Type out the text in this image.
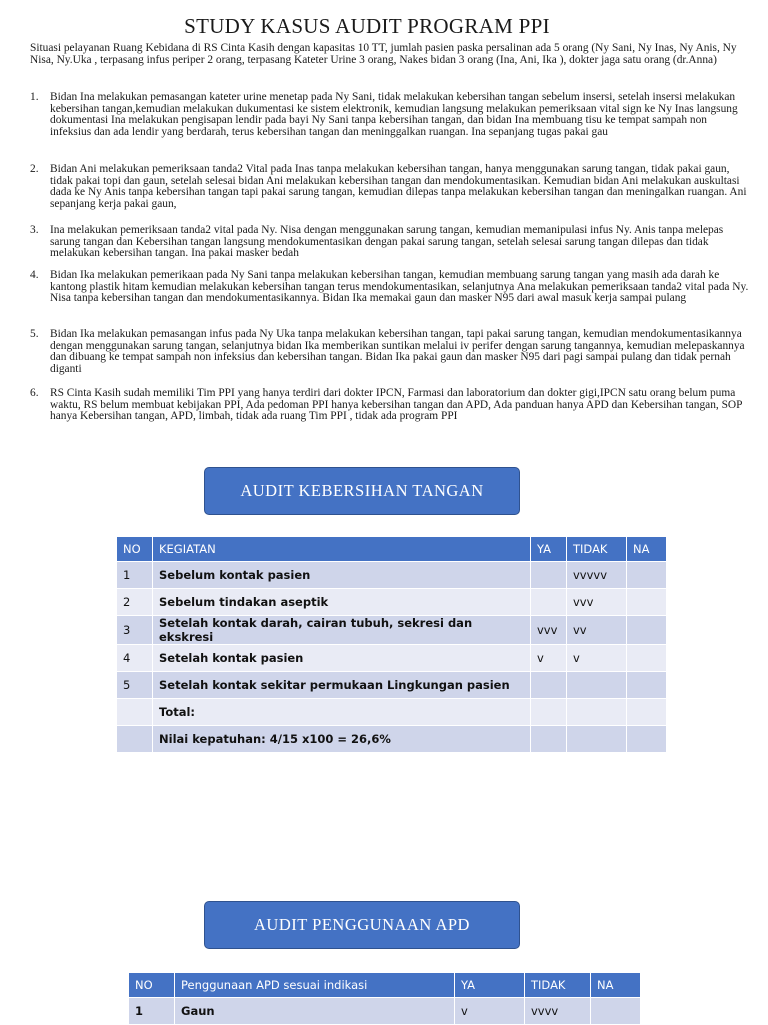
STUDY KASUS AUDIT PROGRAM PPI
Situasi pelayanan Ruang Kebidana di RS Cinta Kasih dengan kapasitas 10 TT, jumlah pasien paska persalinan ada 5 orang (Ny Sani, Ny Inas, Ny Anis, Ny Nisa, Ny.Uka , terpasang infus periper 2 orang, terpasang Kateter Urine 3 orang, Nakes bidan 3 orang (Ina, Ani, Ika ), dokter jaga satu orang (dr.Anna)
1.	Bidan Ina melakukan pemasangan kateter urine menetap pada Ny Sani, tidak melakukan kebersihan tangan sebelum insersi, setelah insersi melakukan kebersihan tangan,kemudian melakukan dukumentasi ke sistem elektronik, kemudian langsung melakukan pemeriksaan vital sign ke Ny Inas langsung dokumentasi Ina melakukan pengisapan lendir pada bayi Ny Sani tanpa kebersihan tangan, dan bidan Ina membuang tisu ke tempat sampah non infeksius dan ada lendir yang berdarah, terus kebersihan tangan dan meninggalkan ruangan. Ina sepanjang tugas pakai gau
2.	Bidan Ani melakukan pemeriksaan tanda2 Vital pada Inas tanpa melakukan kebersihan tangan, hanya menggunakan sarung tangan, tidak pakai gaun, tidak pakai topi dan gaun, setelah selesai bidan Ani melakukan kebersihan tangan dan mendokumentasikan. Kemudian bidan Ani melakukan auskultasi dada ke Ny Anis tanpa kebersihan tangan tapi pakai sarung tangan, kemudian dilepas tanpa melakukan kebersihan tangan dan meningalkan ruangan. Ani sepanjang kerja pakai gaun,
3.	Ina melakukan pemeriksaan tanda2 vital pada Ny. Nisa dengan menggunakan sarung tangan, kemudian memanipulasi infus Ny. Anis tanpa melepas sarung tangan dan Kebersihan tangan langsung mendokumentasikan dengan pakai sarung tangan, setelah selesai sarung tangan dilepas dan tidak melakukan kebersihan tangan. Ina pakai masker bedah
4.	Bidan Ika melakukan pemerikaan pada Ny Sani tanpa melakukan kebersihan tangan, kemudian membuang sarung tangan yang masih ada darah ke kantong plastik hitam kemudian melakukan kebersihan tangan terus mendokumentasikan, selanjutnya Ana melakukan pemeriksaan tanda2 vital pada Ny. Nisa tanpa kebersihan tangan dan mendokumentasikannya. Bidan Ika memakai gaun dan masker N95 dari awal masuk kerja sampai pulang
5.	Bidan Ika melakukan pemasangan infus pada Ny Uka tanpa melakukan kebersihan tangan, tapi pakai sarung tangan, kemudian mendokumentasikannya dengan menggunakan sarung tangan, selanjutnya bidan Ika memberikan suntikan melalui iv perifer dengan sarung tangannya, kemudian melepaskannya dan dibuang ke tempat sampah non infeksius dan kebersihan tangan. Bidan Ika pakai gaun dan masker N95 dari pagi sampai pulang dan tidak pernah diganti
6.	RS Cinta Kasih sudah memiliki Tim PPI yang hanya terdiri dari dokter IPCN, Farmasi dan laboratorium dan dokter gigi,IPCN satu orang belum puma waktu, RS belum membuat kebijakan PPI, Ada pedoman PPI hanya kebersihan tangan dan APD, Ada panduan hanya APD dan Kebersihan tangan, SOP hanya Kebersihan tangan, APD, limbah, tidak ada ruang Tim PPI , tidak ada program PPI
AUDIT KEBERSIHAN TANGAN
NO	KEGIATAN	YA	TIDAK	NA
1	Sebelum kontak pasien		vvvvv	
2	Sebelum tindakan aseptik		vvv	
3	Setelah kontak darah, cairan tubuh, sekresi dan ekskresi	vvv	vv	
4	Setelah kontak pasien	v	v	
5	Setelah kontak sekitar permukaan Lingkungan pasien			
	Total:			
	Nilai kepatuhan: 4/15 x100 = 26,6%			
AUDIT PENGGUNAAN APD
NO	Penggunaan APD sesuai indikasi	YA	TIDAK	NA
1	Gaun	v	vvvv	
